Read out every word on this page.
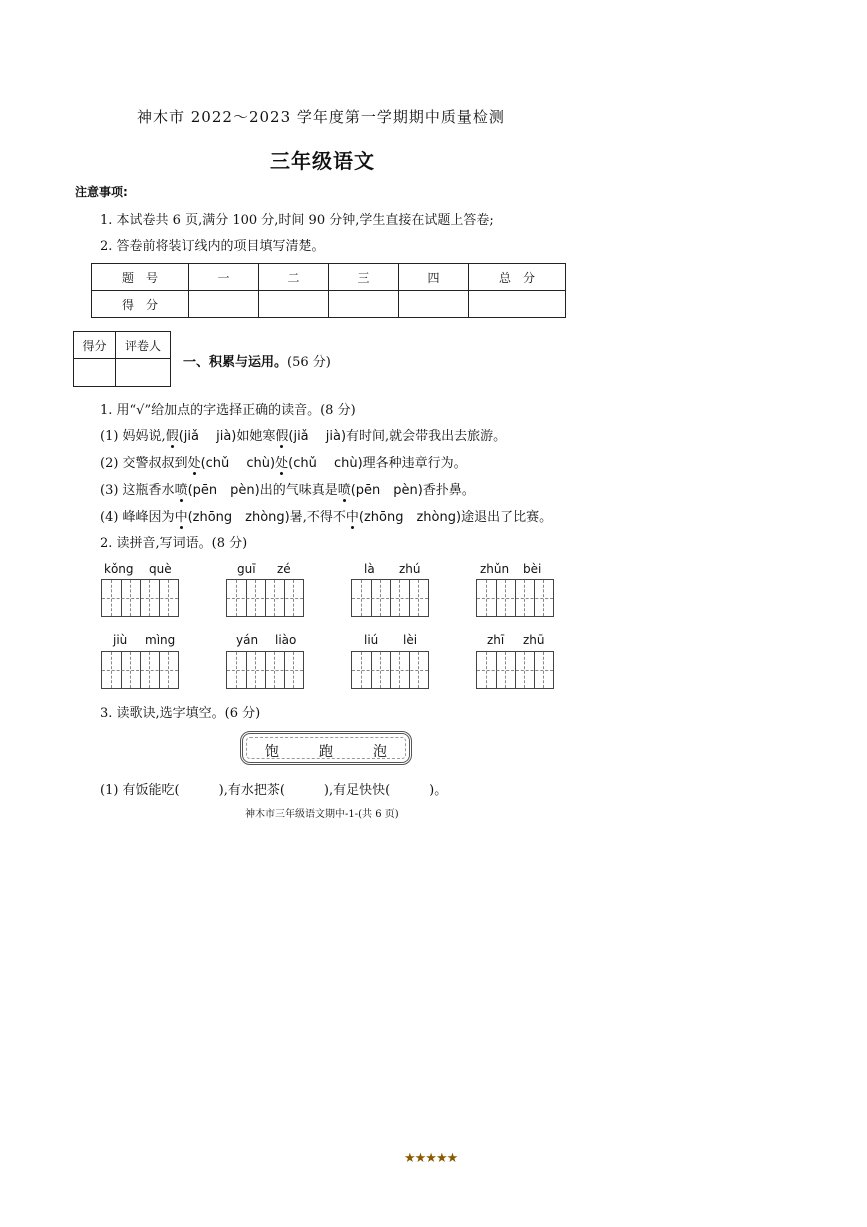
神木市 2022～2023 学年度第一学期期中质量检测
三年级语文
注意事项:
1. 本试卷共 6 页,满分 100 分,时间 90 分钟,学生直接在试题上答卷;
2. 答卷前将装订线内的项目填写清楚。
题　号	一	二	三	四	总　分
得　分					
得分	评卷人

一、积累与运用。(56 分)
1. 用“√”给加点的字选择正确的读音。(8 分)
(1) 妈妈说,假(jiǎ　 jià)如她寒假(jiǎ　 jià)有时间,就会带我出去旅游。
(2) 交警叔叔到处(chǔ　 chù)处(chǔ　 chù)理各种违章行为。
(3) 这瓶香水喷(pēn　pèn)出的气味真是喷(pēn　pèn)香扑鼻。
(4) 峰峰因为中(zhōng　zhòng)暑,不得不中(zhōng　zhòng)途退出了比赛。
2. 读拼音,写词语。(8 分)
kǒng què	guī zé	là zhú	zhǔn bèi
jiù mìng	yán liào	liú lèi	zhī zhū
3. 读歌诀,选字填空。(6 分)
饱	跑	泡
(1) 有饭能吃(　　　),有水把茶(　　　),有足快快(　　　)。
神木市三年级语文期中-1-(共 6 页)
★★★★★
